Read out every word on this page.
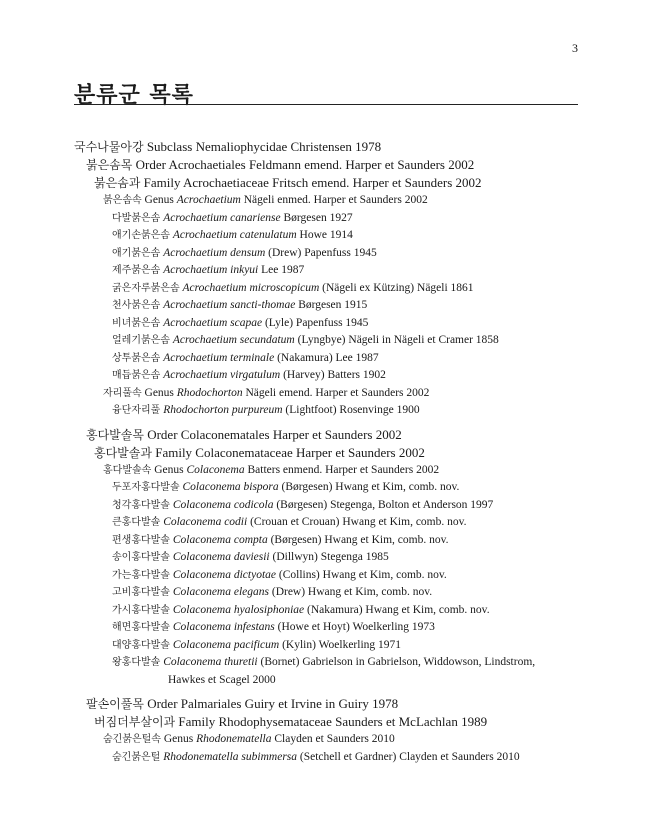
3
분류군 목록
국수나물아강 Subclass Nemaliophycidae Christensen 1978
붉은솜목 Order Acrochaetiales Feldmann emend. Harper et Saunders 2002
붉은솜과 Family Acrochaetiaceae Fritsch emend. Harper et Saunders 2002
붉은솜속 Genus Acrochaetium Nägeli enmed. Harper et Saunders 2002
다발붉은솜 Acrochaetium canariense Børgesen 1927
애기손붉은솜 Acrochaetium catenulatum Howe 1914
애기붉은솜 Acrochaetium densum (Drew) Papenfuss 1945
제주붉은솜 Acrochaetium inkyui Lee 1987
굵은자루붉은솜 Acrochaetium microscopicum (Nägeli ex Kützing) Nägeli 1861
천사붉은솜 Acrochaetium sancti-thomae Børgesen 1915
비녀붉은솜 Acrochaetium scapae (Lyle) Papenfuss 1945
얼레기붉은솜 Acrochaetium secundatum (Lyngbye) Nägeli in Nägeli et Cramer 1858
상투붉은솜 Acrochaetium terminale (Nakamura) Lee 1987
매듭붉은솜 Acrochaetium virgatulum (Harvey) Batters 1902
자리풀속 Genus Rhodochorton Nägeli emend. Harper et Saunders 2002
융단자리풀 Rhodochorton purpureum (Lightfoot) Rosenvinge 1900
홍다발솔목 Order Colaconematales Harper et Saunders 2002
홍다발솔과 Family Colaconemataceae Harper et Saunders 2002
홍다발솔속 Genus Colaconema Batters enmend. Harper et Saunders 2002
두포자홍다발솔 Colaconema bispora (Børgesen) Hwang et Kim, comb. nov.
청각홍다발솔 Colaconema codicola (Børgesen) Stegenga, Bolton et Anderson 1997
큰홍다발솔 Colaconema codii (Crouan et Crouan) Hwang et Kim, comb. nov.
편생홍다발솔 Colaconema compta (Børgesen) Hwang et Kim, comb. nov.
송이홍다발솔 Colaconema daviesii (Dillwyn) Stegenga 1985
가는홍다발솔 Colaconema dictyotae (Collins) Hwang et Kim, comb. nov.
고비홍다발솔 Colaconema elegans (Drew) Hwang et Kim, comb. nov.
가시홍다발솔 Colaconema hyalosiphoniae (Nakamura) Hwang et Kim, comb. nov.
해면홍다발솔 Colaconema infestans (Howe et Hoyt) Woelkerling 1973
대양홍다발솔 Colaconema pacificum (Kylin) Woelkerling 1971
왕홍다발솔 Colaconema thuretii (Bornet) Gabrielson in Gabrielson, Widdowson, Lindstrom,
Hawkes et Scagel 2000
팔손이풀목 Order Palmariales Guiry et Irvine in Guiry 1978
버짐더부살이과 Family Rhodophysemataceae Saunders et McLachlan 1989
숨긴붉은털속 Genus Rhodonematella Clayden et Saunders 2010
숨긴붉은털 Rhodonematella subimmersa (Setchell et Gardner) Clayden et Saunders 2010
